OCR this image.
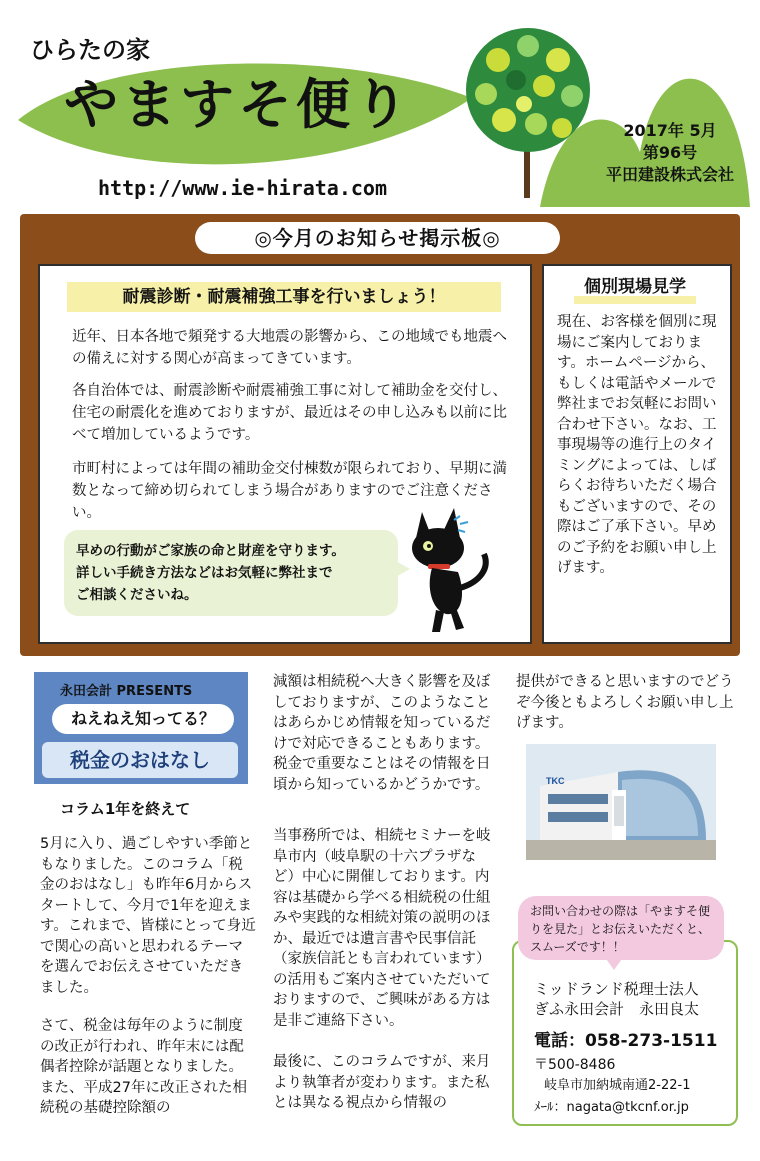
ひらたの家
やますそ便り
http://www.ie-hirata.com
2017年 5月
第96号
平田建設株式会社
◎今月のお知らせ掲示板◎
耐震診断・耐震補強工事を行いましょう！
近年、日本各地で頻発する大地震の影響から、この地域でも地震への備えに対する関心が高まってきています。
各自治体では、耐震診断や耐震補強工事に対して補助金を交付し、住宅の耐震化を進めておりますが、最近はその申し込みも以前に比べて増加しているようです。
市町村によっては年間の補助金交付棟数が限られており、早期に満数となって締め切られてしまう場合がありますのでご注意ください。
早めの行動がご家族の命と財産を守ります。
詳しい手続き方法などはお気軽に弊社まで
ご相談くださいね。
個別現場見学
現在、お客様を個別に現場にご案内しております。ホームページから、もしくは電話やメールで弊社までお気軽にお問い合わせ下さい。なお、工事現場等の進行上のタイミングによっては、しばらくお待ちいただく場合もございますので、その際はご了承下さい。早めのご予約をお願い申し上げます。
永田会計 PRESENTS
ねえねえ知ってる？
税金のおはなし
コラム1年を終えて
5月に入り、過ごしやすい季節ともなりました。このコラム「税金のおはなし」も昨年6月からスタートして、今月で1年を迎えます。これまで、皆様にとって身近で関心の高いと思われるテーマを選んでお伝えさせていただきました。
さて、税金は毎年のように制度の改正が行われ、昨年末には配偶者控除が話題となりました。また、平成27年に改正された相続税の基礎控除額の
減額は相続税へ大きく影響を及ぼしておりますが、このようなことはあらかじめ情報を知っているだけで対応できることもあります。税金で重要なことはその情報を日頃から知っているかどうかです。
当事務所では、相続セミナーを岐阜市内（岐阜駅の十六プラザなど）中心に開催しております。内容は基礎から学べる相続税の仕組みや実践的な相続対策の説明のほか、最近では遺言書や民事信託（家族信託とも言われています）の活用もご案内させていただいておりますので、ご興味がある方は是非ご連絡下さい。
最後に、このコラムですが、来月より執筆者が変わります。また私とは異なる視点から情報の
提供ができると思いますのでどうぞ今後ともよろしくお願い申し上げます。
TKC
お問い合わせの際は「やますそ便りを見た」とお伝えいただくと、スムーズです！！
ミッドランド税理士法人
ぎふ永田会計　永田良太
電話：058-273-1511
〒500-8486
岐阜市加納城南通2-22-1
ﾒｰﾙ：nagata@tkcnf.or.jp
